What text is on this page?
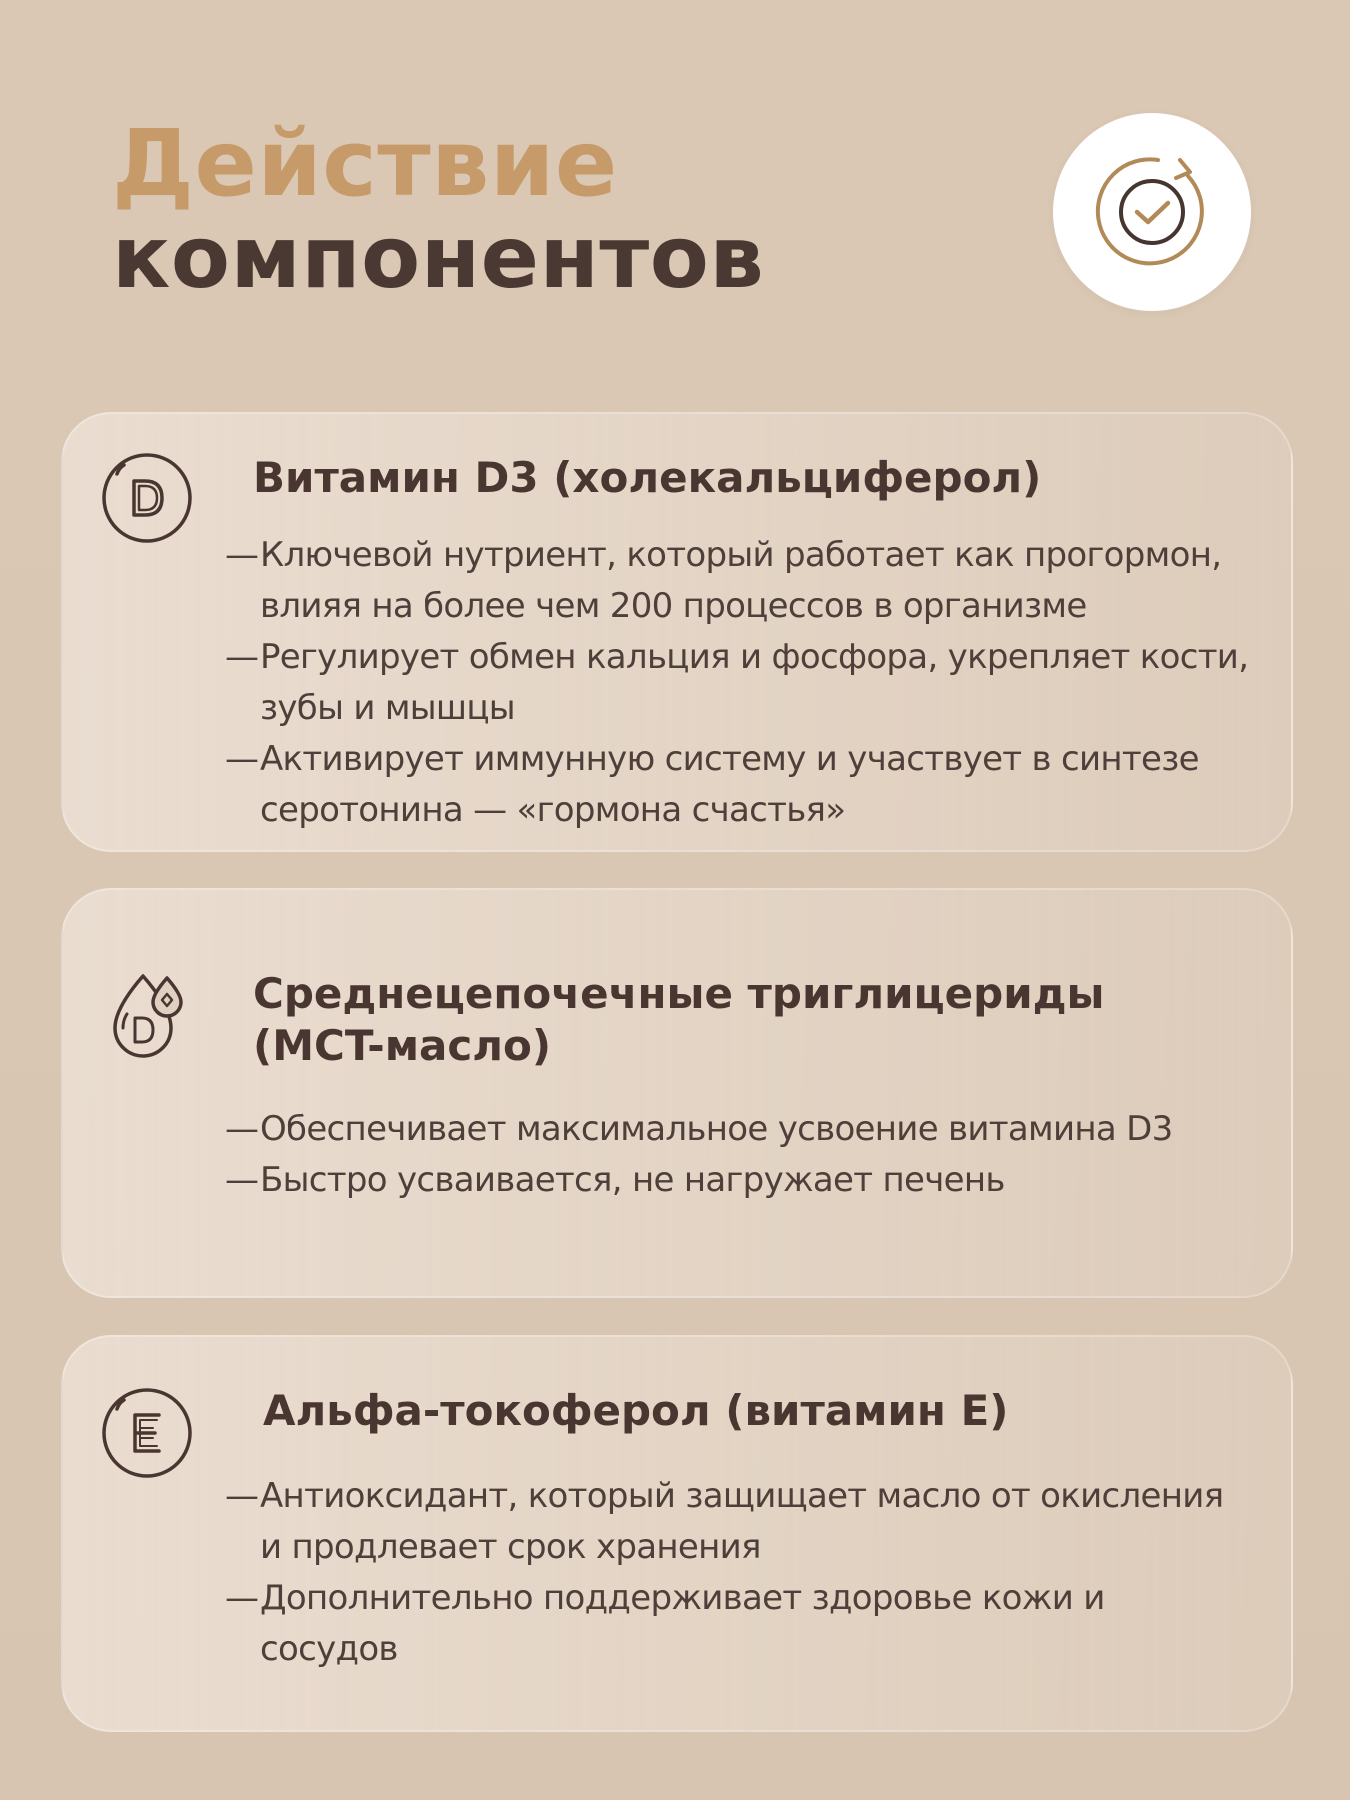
Действие
компонентов
Витамин D3 (холекальциферол)
— Ключевой нутриент, который работает как прогормон, влияя на более чем 200 процессов в организме
— Регулирует обмен кальция и фосфора, укрепляет кости, зубы и мышцы
— Активирует иммунную систему и участвует в синтезе серотонина — «гормона счастья»
Среднецепочечные триглицериды (MCT-масло)
— Обеспечивает максимальное усвоение витамина D3
— Быстро усваивается, не нагружает печень
Альфа-токоферол (витамин Е)
— Антиоксидант, который защищает масло от окисления и продлевает срок хранения
— Дополнительно поддерживает здоровье кожи и сосудов
